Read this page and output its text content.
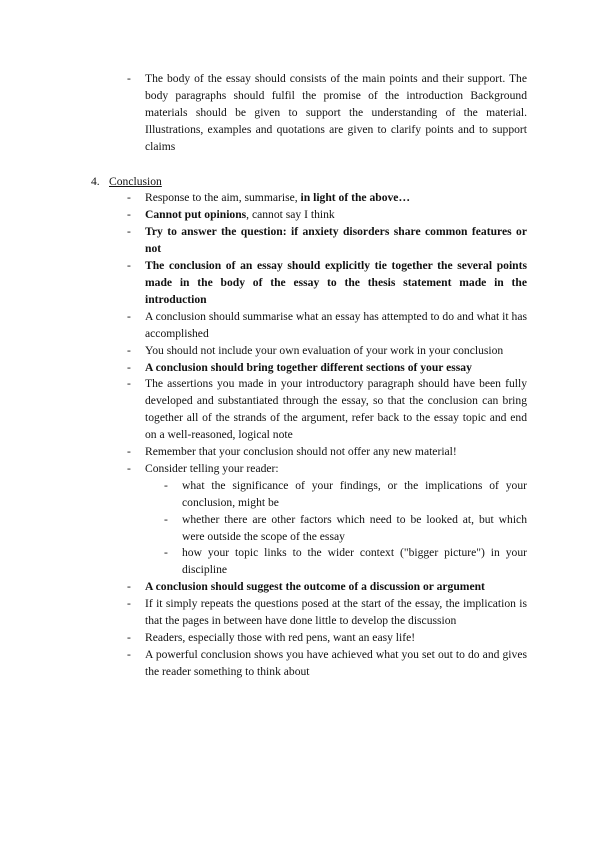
- The body of the essay should consists of the main points and their support. The body paragraphs should fulfil the promise of the introduction Background materials should be given to support the understanding of the material. Illustrations, examples and quotations are given to clarify points and to support claims
4. Conclusion
- Response to the aim, summarise, in light of the above…
- Cannot put opinions, cannot say I think
- Try to answer the question: if anxiety disorders share common features or not
- The conclusion of an essay should explicitly tie together the several points made in the body of the essay to the thesis statement made in the introduction
- A conclusion should summarise what an essay has attempted to do and what it has accomplished
- You should not include your own evaluation of your work in your conclusion
- A conclusion should bring together different sections of your essay
- The assertions you made in your introductory paragraph should have been fully developed and substantiated through the essay, so that the conclusion can bring together all of the strands of the argument, refer back to the essay topic and end on a well-reasoned, logical note
- Remember that your conclusion should not offer any new material!
- Consider telling your reader:
- what the significance of your findings, or the implications of your conclusion, might be
- whether there are other factors which need to be looked at, but which were outside the scope of the essay
- how your topic links to the wider context ("bigger picture") in your discipline
- A conclusion should suggest the outcome of a discussion or argument
- If it simply repeats the questions posed at the start of the essay, the implication is that the pages in between have done little to develop the discussion
- Readers, especially those with red pens, want an easy life!
- A powerful conclusion shows you have achieved what you set out to do and gives the reader something to think about
